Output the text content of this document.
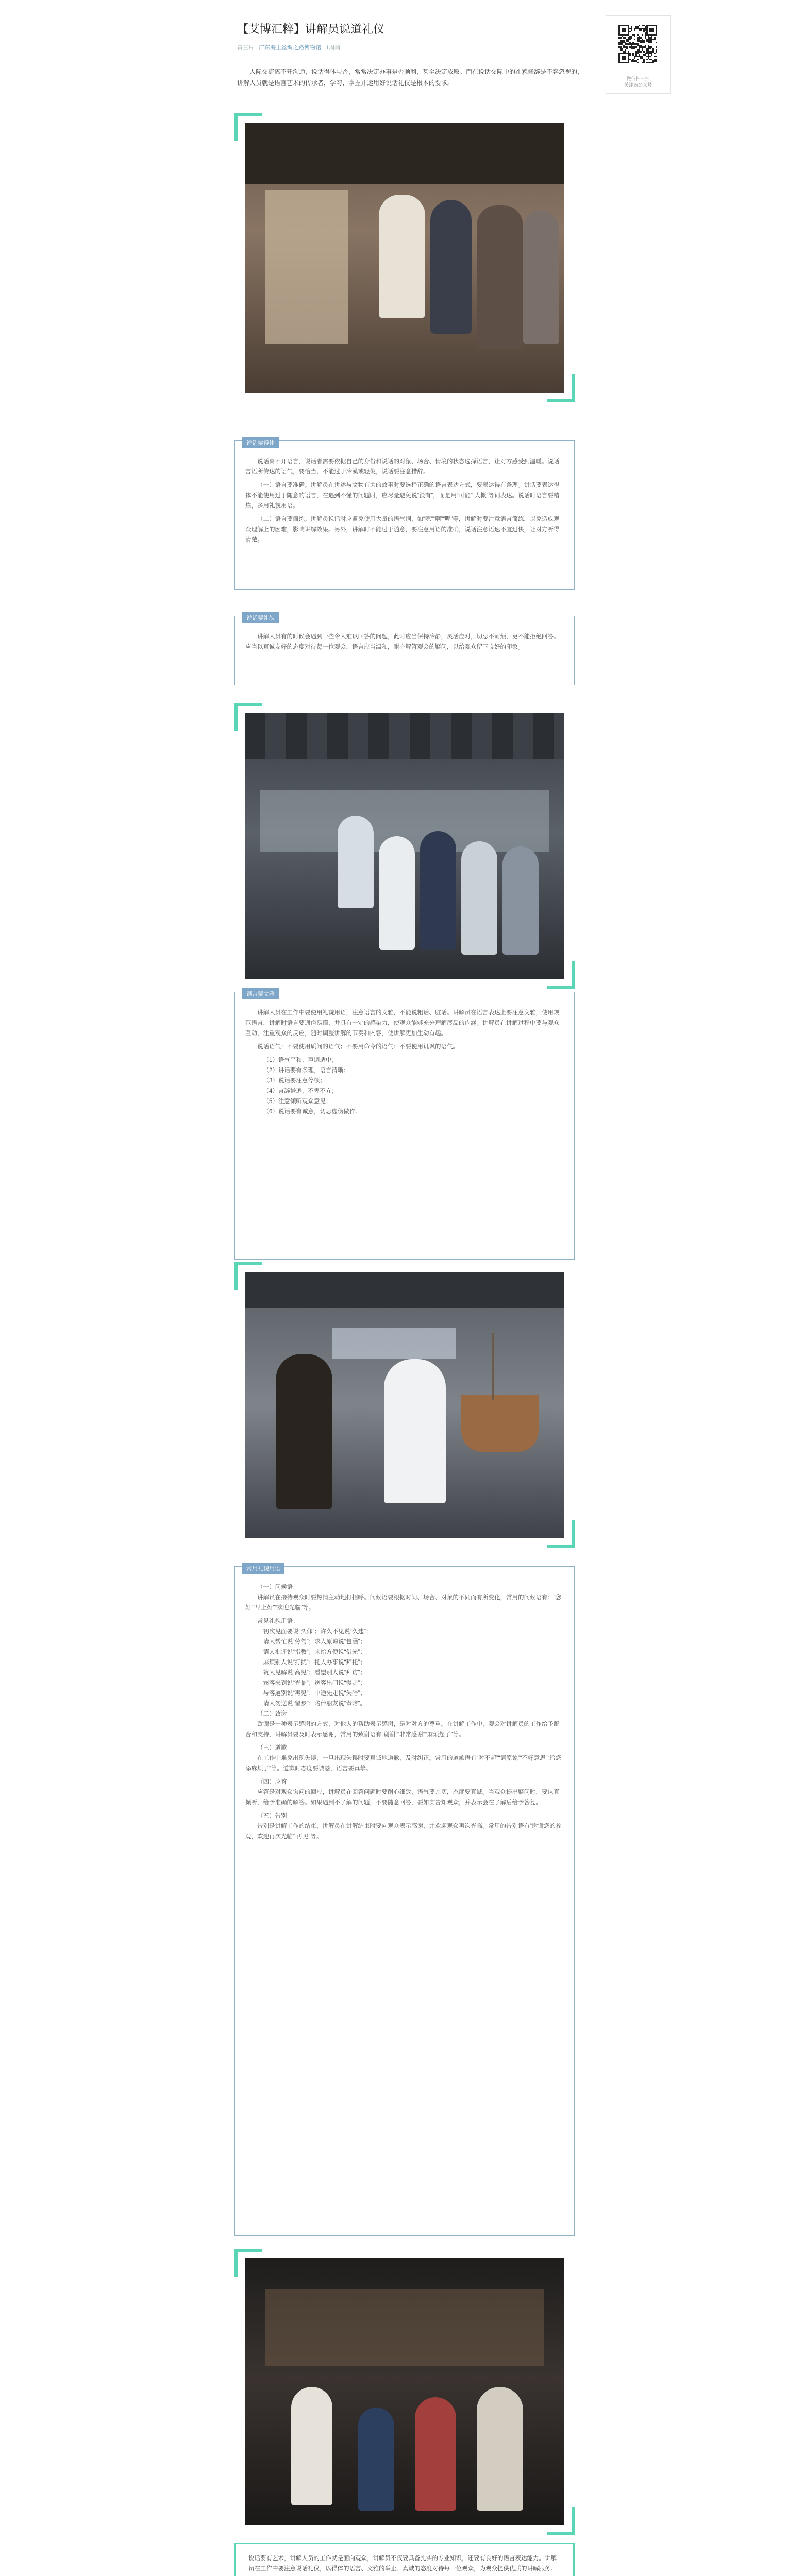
【艾博汇粹】讲解员说道礼仪
黄三片 广东海上丝绸之路博物馆 1周前
微信扫一扫
关注该公众号
人际交流离不开沟通，说话得体与否，常常决定办事是否顺利，甚至决定成败。而在说话交际中的礼貌修辞是不容忽视的，讲解人员就是语言艺术的传承者，学习、掌握并运用好说话礼仪是根本的要求。
说话要得体

说话离不开语言，说话者需要依据自己的身份和说话的对象、场合、情境的状态选择语言，让对方感受到温暖。说话言语所传达的语气，要恰当，不能过于冷漠或轻佻，说话要注意措辞。

（一）语言要准确。讲解员在讲述与文物有关的故事时要选择正确的语言表达方式，要表达得有条理。讲话要表达得体不能使用过于随意的语言，在遇到不懂的问题时，应尽量避免说“没有”，而是用“可能”“大概”等词表达。说话时语言要精炼，多用礼貌用语。

（二）语言要简练。讲解员说话时应避免使用大量的语气词，如“嗯”“啊”“呢”等，讲解时要注意语言简练，以免造成观众理解上的困难，影响讲解效果。另外，讲解时不能过于随意，要注意用语的准确，说话注意语速不宜过快，让对方听得清楚。

说话要礼貌

讲解人员有的时候会遇到一些令人难以回答的问题，此时应当保持冷静，灵活应对，切忌不耐烦，更不能拒绝回答。应当以真诚友好的态度对待每一位观众，语言应当温和，耐心解答观众的疑问，以给观众留下良好的印象。

语言要文雅

讲解人员在工作中要使用礼貌用语，注意语言的文雅，不能说粗话、脏话。讲解员在语言表达上要注意文雅，使用规范语言，讲解时语言要通俗易懂，并具有一定的感染力，使观众能够充分理解展品的内涵。讲解员在讲解过程中要与观众互动，注重观众的反应，随时调整讲解的节奏和内容，使讲解更加生动有趣。

说话语气：不要使用质问的语气；不要用命令的语气；不要使用讥讽的语气。

（1）语气平和，声调适中；

（2）讲话要有条理，语言清晰；

（3）说话要注意停顿；

（4）言辞谦逊，不卑不亢；

（5）注意倾听观众意见；

（6）说话要有诚意，切忌虚伪做作。

常用礼貌用语

（一）问候语

讲解员在接待观众时要热情主动地打招呼。问候语要根据时间、场合、对象的不同而有所变化，常用的问候语有：“您好”“早上好”“欢迎光临”等。

常见礼貌用语：

初次见面要说“久仰”；许久不见说“久违”；

请人帮忙说“劳驾”；求人原谅说“包涵”；

请人批评说“指教”；求给方便说“借光”；

麻烦别人说“打扰”；托人办事说“拜托”；

赞人见解说“高见”；看望别人说“拜访”；

宾客来到说“光临”；送客出门说“慢走”；

与客道别说“再见”；中途先走说“失陪”；

请人勿送说“留步”；陪伴朋友说“奉陪”。

（二）致谢

致谢是一种表示感谢的方式，对他人的帮助表示感谢，是对对方的尊重。在讲解工作中，观众对讲解员的工作给予配合和支持，讲解员要及时表示感谢，常用的致谢语有“谢谢”“非常感谢”“麻烦您了”等。

（三）道歉

在工作中难免出现失误，一旦出现失误时要真诚地道歉，及时纠正。常用的道歉语有“对不起”“请原谅”“不好意思”“给您添麻烦了”等。道歉时态度要诚恳，语言要真挚。

（四）应答

应答是对观众询问的回应，讲解员在回答问题时要耐心细致，语气要亲切，态度要真诚。当观众提出疑问时，要认真倾听，给予准确的解答。如果遇到不了解的问题，不要随意回答，要如实告知观众，并表示会在了解后给予答复。

（五）告别

告别是讲解工作的结束，讲解员在讲解结束时要向观众表示感谢，并欢迎观众再次光临。常用的告别语有“谢谢您的参观，欢迎再次光临”“再见”等。

说话要有艺术，讲解人员的工作就是面向观众，讲解员不仅要具备扎实的专业知识，还要有良好的语言表达能力。讲解员在工作中要注意说话礼仪，以得体的语言、文雅的举止、真诚的态度对待每一位观众，为观众提供优质的讲解服务。
